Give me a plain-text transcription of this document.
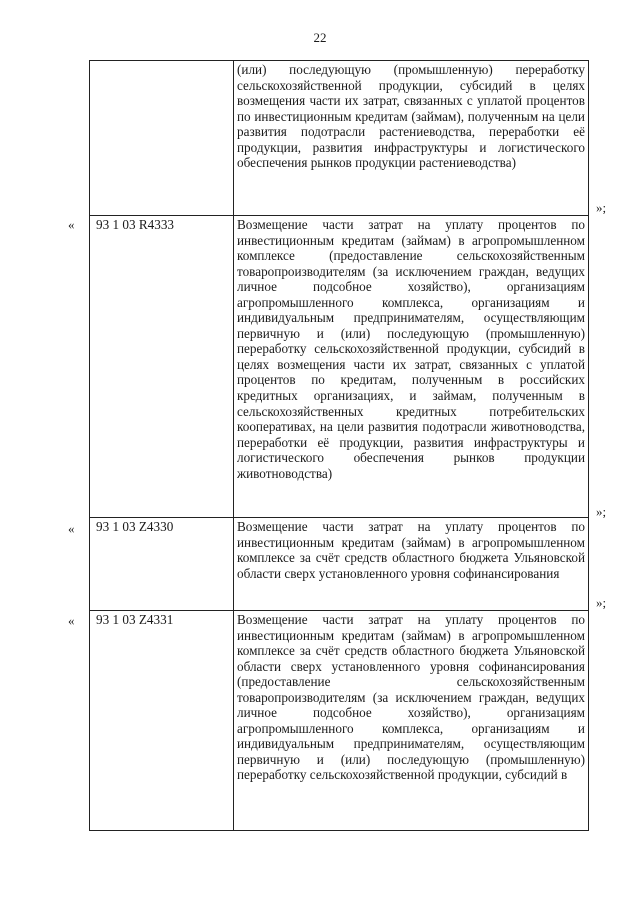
22
	(или) последующую (промышленную) переработку сельскохозяйственной продукции, субсидий в целях возмещения части их затрат, связанных с уплатой процентов по инвестиционным кредитам (займам), полученным на цели развития подотрасли растениеводства, переработки её продукции, развития инфраструктуры и логистического обеспечения рынков продукции растениеводства)
93 1 03 R4333	Возмещение части затрат на уплату процентов по инвестиционным кредитам (займам) в агропромышленном комплексе (предоставление сельскохозяйственным товаропроизводителям (за исключением граждан, ведущих личное подсобное хозяйство), организациям агропромышленного комплекса, организациям и индивидуальным предпринимателям, осуществляющим первичную и (или) последующую (промышленную) переработку сельскохозяйственной продукции, субсидий в целях возмещения части их затрат, связанных с уплатой процентов по кредитам, полученным в российских кредитных организациях, и займам, полученным в сельскохозяйственных кредитных потребительских кооперативах, на цели развития подотрасли животноводства, переработки её продукции, развития инфраструктуры и логистического обеспечения рынков продукции животноводства)
93 1 03 Z4330	Возмещение части затрат на уплату процентов по инвестиционным кредитам (займам) в агропромышленном комплексе за счёт средств областного бюджета Ульяновской области сверх установленного уровня софинансирования
93 1 03 Z4331	Возмещение части затрат на уплату процентов по инвестиционным кредитам (займам) в агропромышленном комплексе за счёт средств областного бюджета Ульяновской области сверх установленного уровня софинансирования (предоставление сельскохозяйственным товаропроизводителям (за исключением граждан, ведущих личное подсобное хозяйство), организациям агропромышленного комплекса, организациям и индивидуальным предпринимателям, осуществляющим первичную и (или) последующую (промышленную) переработку сельскохозяйственной продукции, субсидий в
»;
«
»;
«
»;
«
